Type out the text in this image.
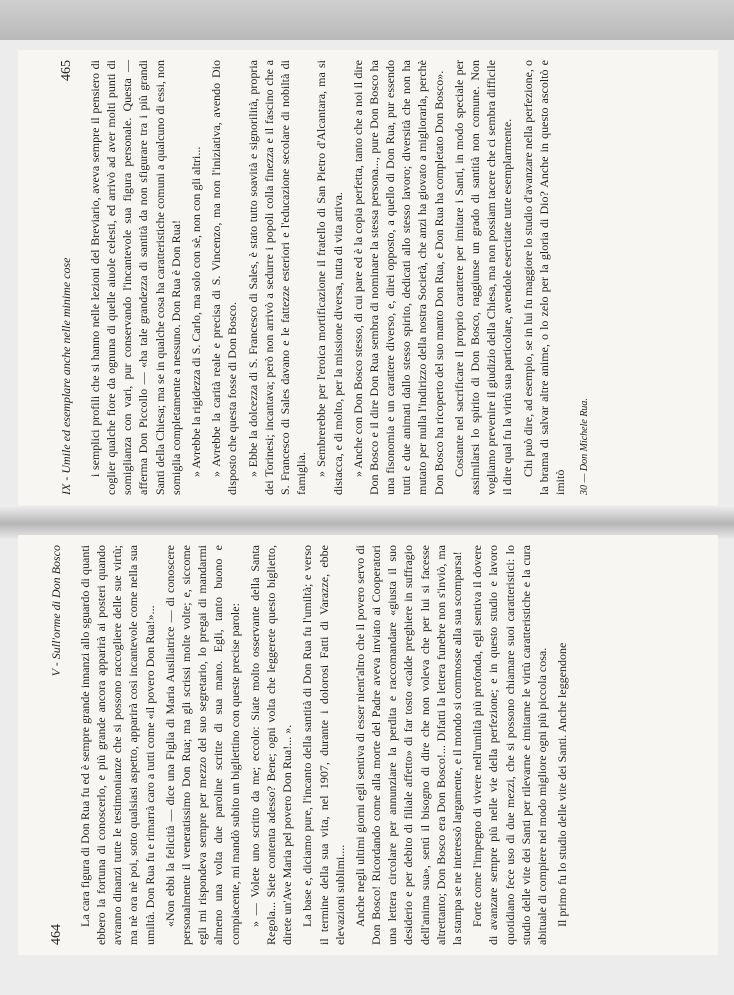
IX - Umile ed esemplare anche nelle minime cose
465 i semplici profili che si hanno nelle lezioni del Breviario, aveva sempre il pensiero di coglier qualche fiore da ognuna di quelle aiuole celesti, ed arrivò ad aver molti punti di somiglianza con vari, pur conservando l'incantevole sua figura personale. Questa — afferma Don Piccollo — «ha tale grandezza di santità da non sfigurare tra i più grandi Santi della Chiesa; ma se in qualche cosa ha caratteristiche comuni a qualcuno di essi, non somiglia completamente a nessuno. Don Rua è Don Rua! » Avrebbe la rigidezza di S. Carlo, ma solo con sè, non con gli altri... » Avrebbe la carità reale e precisa di S. Vincenzo, ma non l'iniziativa, avendo Dio disposto che questa fosse di Don Bosco. » Ebbe la dolcezza di S. Francesco di Sales, è stato tutto soavità e signorilità, propria dei Torinesi; incantava; però non arrivò a sedurre i popoli colla finezza e il fascino che a S. Francesco di Sales davano e le fattezze esteriori e l'educazione secolare di nobiltà di famiglia. » Sembrerebbe per l'eroica mortificazione il fratello di San Pietro d'Alcantara, ma si distacca, e di molto, per la missione diversa, tutta di vita attiva. » Anche con Don Bosco stesso, di cui pare ed è la copia perfetta, tanto che a noi il dire Don Bosco e il dire Don Rua sembra di nominare la stessa persona..., pure Don Bosco ha una fisonomia e un carattere diverso, e, direi opposto, a quello di Don Rua, pur essendo tutti e due animati dallo stesso spirito, dedicati allo stesso lavoro; diversità che non ha mutato per nulla l'indirizzo della nostra Società, che anzi ha giovato a migliorarla, perchè Don Bosco ha ricoperto del suo manto Don Rua, e Don Rua ha completato Don Bosco». Costante nel sacrificare il proprio carattere per imitare i Santi, in modo speciale per assimilarsi lo spirito di Don Bosco, raggiunse un grado di santità non comune. Non vogliamo prevenire il giudizio della Chiesa, ma non possiam tacere che ci sembra difficile il dire qual fu la virtù sua particolare, avendole esercitate tutte esemplarmente. Chi può dire, ad esempio, se in lui fu maggiore lo studio d'avanzare nella perfezione, o la brama di salvar altre anime, o lo zelo per la gloria di Dio? Anche in questo ascoltò e imitò 30 — Don Michele Rua.
464
V - Sull'orme di Don Bosco La cara figura di Don Rua fu ed è sempre grande innanzi allo sguardo di quanti ebbero la fortuna di conoscerlo, e più grande ancora apparirà ai posteri quando avranno dinanzi tutte le testimonianze che si possono raccogliere delle sue virtù; ma nè ora nè poi, sotto qualsiasi aspetto, apparirà così incantevole come nella sua umiltà. Don Rua fu e rimarrà caro a tutti come «il povero Don Rua!»... «Non ebbi la felicità — dice una Figlia di Maria Ausiliatrice — di conoscere personalmente il veneratissimo Don Rua; ma gli scrissi molte volte; e, siccome egli mi rispondeva sempre per mezzo del suo segretario, lo pregai di mandarmi almeno una volta due paroline scritte di sua mano. Egli, tanto buono e compiacente, mi mandò subito un bigliettino con queste precise parole: » — Volete uno scritto da me; eccolo: Siate molto osservante della Santa Regola... Siete contenta adesso? Bene; ogni volta che leggerete questo biglietto, direte un'Ave Maria pel povero Don Rua!... ». La base e, diciamo pure, l'incanto della santità di Don Rua fu l'umiltà; e verso il termine della sua vita, nel 1907, durante i dolorosi Fatti di Varazze, ebbe elevazioni sublimi.... Anche negli ultimi giorni egli sentiva di esser nient'altro che il povero servo di Don Bosco! Ricordando come alla morte del Padre aveva inviato ai Cooperatori una lettera circolare per annunziare la perdita e raccomandare «giusta il suo desiderio e per debito di filiale affetto» di far tosto «calde preghiere in suffragio dell'anima sua», sentì il bisogno di dire che non voleva che per lui si facesse altrettanto; Don Bosco era Don Bosco!... Difatti la lettera funebre non s'inviò, ma la stampa se ne interessò largamente, e il mondo si commosse alla sua scomparsa! Forte come l'impegno di vivere nell'umiltà più profonda, egli sentiva il dovere di avanzare sempre più nelle vie della perfezione; e in questo studio e lavoro quotidiano fece uso di due mezzi, che si possono chiamare suoi caratteristici: lo studio delle vite dei Santi per rilevarne e imitarne le virtù caratteristiche e la cura abituale di compiere nel modo migliore ogni più piccola cosa. Il primo fu lo studio delle vite dei Santi. Anche leggendone
